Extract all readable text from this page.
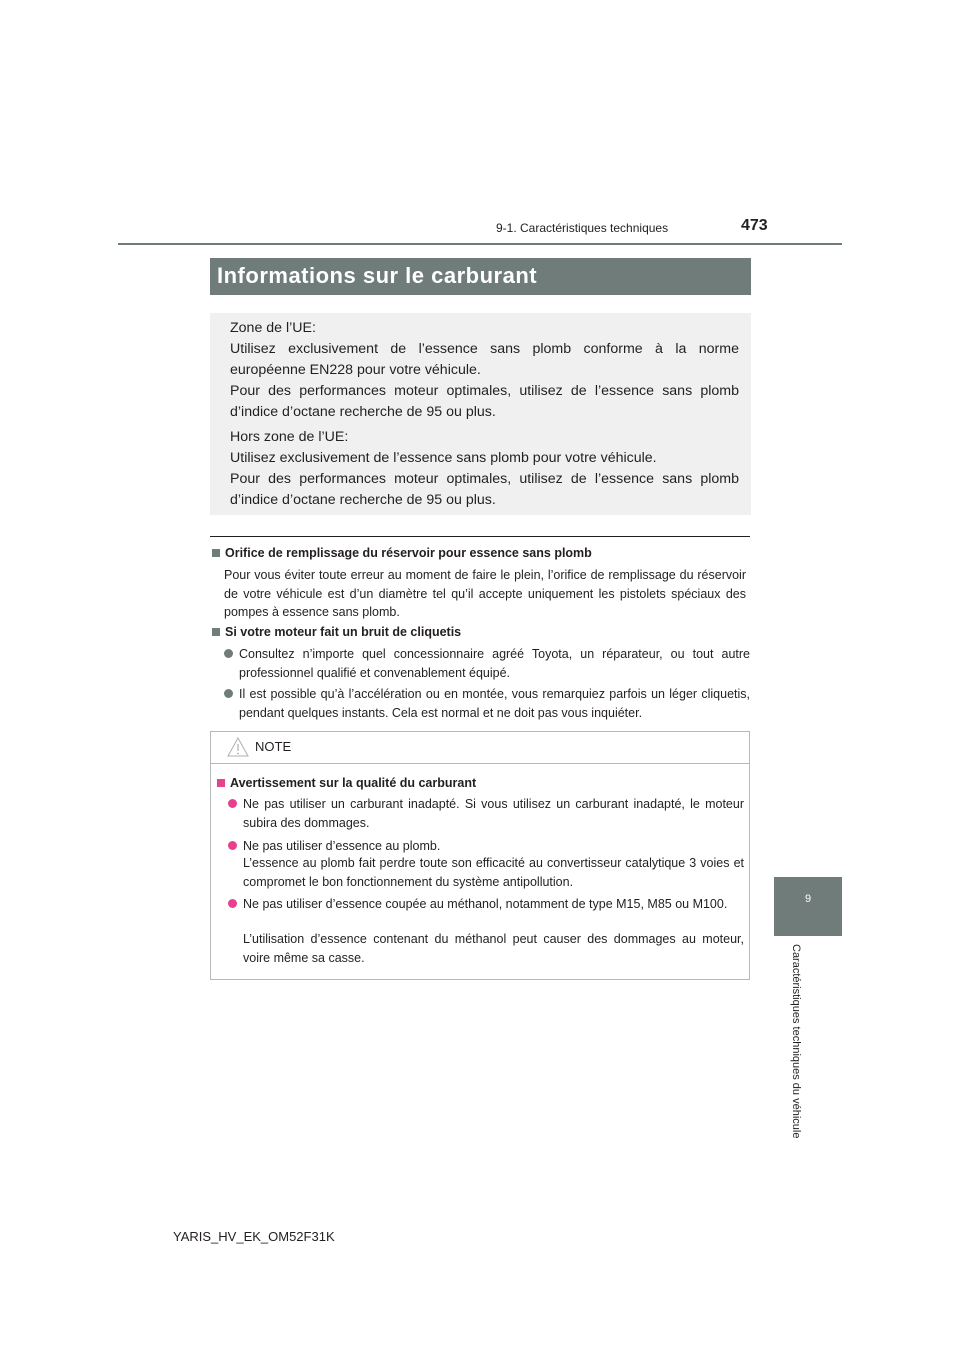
9-1. Caractéristiques techniques	473
9
Caractéristiques techniques du véhicule
Informations sur le carburant

Zone de l’UE:

Utilisez exclusivement de l’essence sans plomb conforme à la norme européenne EN228 pour votre véhicule.

Pour des performances moteur optimales, utilisez de l’essence sans plomb d’indice d’octane recherche de 95 ou plus.

Hors zone de l’UE:

Utilisez exclusivement de l’essence sans plomb pour votre véhicule.

Pour des performances moteur optimales, utilisez de l’essence sans plomb d’indice d’octane recherche de 95 ou plus.

Orifice de remplissage du réservoir pour essence sans plomb
Pour vous éviter toute erreur au moment de faire le plein, l’orifice de remplissage du réservoir de votre véhicule est d’un diamètre tel qu’il accepte uniquement les pistolets spéciaux des pompes à essence sans plomb.
Si votre moteur fait un bruit de cliquetis
Consultez n’importe quel concessionnaire agréé Toyota, un réparateur, ou tout autre professionnel qualifié et convenablement équipé.
Il est possible qu’à l’accélération ou en montée, vous remarquiez parfois un léger cliquetis, pendant quelques instants. Cela est normal et ne doit pas vous inquiéter.
NOTE
Avertissement sur la qualité du carburant
Ne pas utiliser un carburant inadapté. Si vous utilisez un carburant inadapté, le moteur subira des dommages.
Ne pas utiliser d’essence au plomb.
L’essence au plomb fait perdre toute son efficacité au convertisseur catalytique 3 voies et compromet le bon fonctionnement du système antipollution.
Ne pas utiliser d’essence coupée au méthanol, notamment de type M15, M85 ou M100.
L’utilisation d’essence contenant du méthanol peut causer des dommages au moteur, voire même sa casse.
YARIS_HV_EK_OM52F31K
